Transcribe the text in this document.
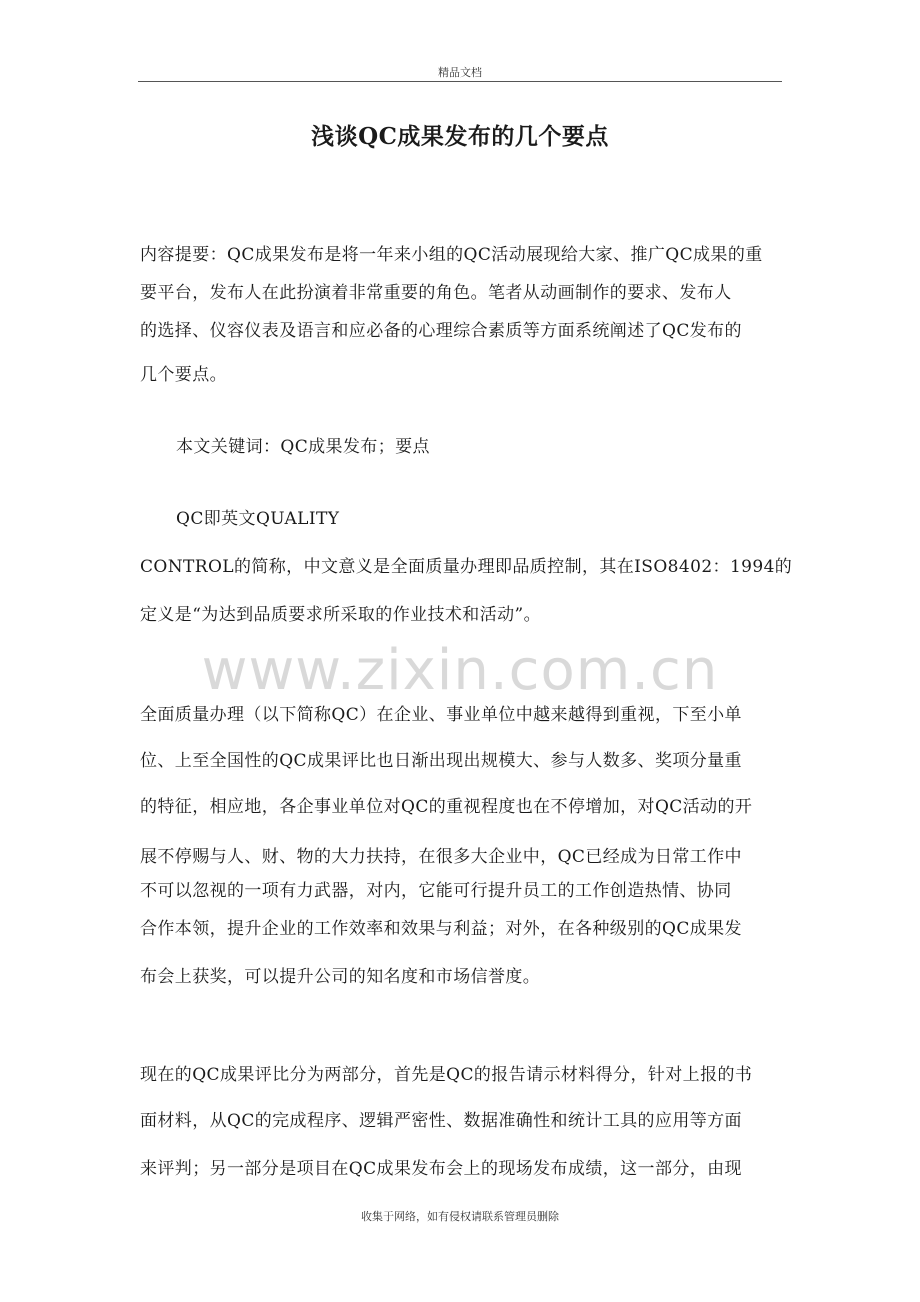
精品文档
浅谈QC成果发布的几个要点
www.zixin.com.cn
内容提要：QC成果发布是将一年来小组的QC活动展现给大家、推广QC成果的重
要平台，发布人在此扮演着非常重要的角色。笔者从动画制作的要求、发布人
的选择、仪容仪表及语言和应必备的心理综合素质等方面系统阐述了QC发布的
几个要点。
本文关键词：QC成果发布；要点
QC即英文QUALITY
CONTROL的简称，中文意义是全面质量办理即品质控制，其在ISO8402：1994的
定义是“为达到品质要求所采取的作业技术和活动”。
全面质量办理（以下简称QC）在企业、事业单位中越来越得到重视，下至小单
位、上至全国性的QC成果评比也日渐出现出规模大、参与人数多、奖项分量重
的特征，相应地，各企事业单位对QC的重视程度也在不停增加，对QC活动的开
展不停赐与人、财、物的大力扶持，在很多大企业中，QC已经成为日常工作中
不可以忽视的一项有力武器，对内，它能可行提升员工的工作创造热情、协同
合作本领，提升企业的工作效率和效果与利益；对外，在各种级别的QC成果发
布会上获奖，可以提升公司的知名度和市场信誉度。
现在的QC成果评比分为两部分，首先是QC的报告请示材料得分，针对上报的书
面材料，从QC的完成程序、逻辑严密性、数据准确性和统计工具的应用等方面
来评判；另一部分是项目在QC成果发布会上的现场发布成绩，这一部分，由现
收集于网络，如有侵权请联系管理员删除
